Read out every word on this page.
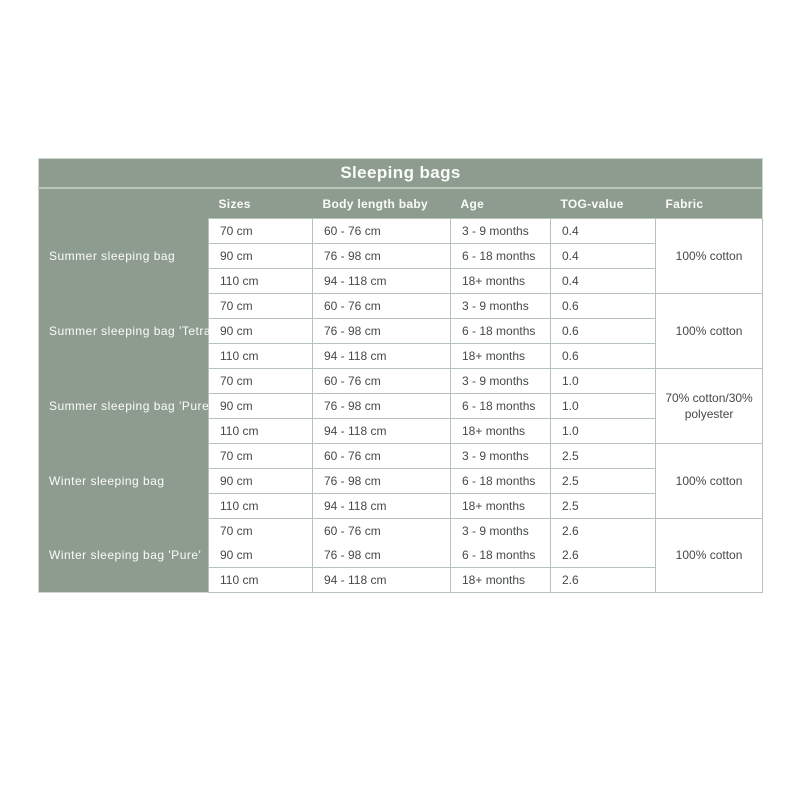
Sleeping bags					
	Sizes	Body length baby	Age	TOG-value	Fabric
Summer sleeping bag	70 cm	60 - 76 cm	3 - 9 months	0.4	100% cotton
	90 cm	76 - 98 cm	6 - 18 months	0.4	
	110 cm	94 - 118 cm	18+ months	0.4	
Summer sleeping bag 'Tetra'	70 cm	60 - 76 cm	3 - 9 months	0.6	100% cotton
	90 cm	76 - 98 cm	6 - 18 months	0.6	
	110 cm	94 - 118 cm	18+ months	0.6	
Summer sleeping bag 'Pure'	70 cm	60 - 76 cm	3 - 9 months	1.0	70% cotton/30% polyester
	90 cm	76 - 98 cm	6 - 18 months	1.0	
	110 cm	94 - 118 cm	18+ months	1.0	
Winter sleeping bag	70 cm	60 - 76 cm	3 - 9 months	2.5	100% cotton
	90 cm	76 - 98 cm	6 - 18 months	2.5	
	110 cm	94 - 118 cm	18+ months	2.5	
Winter sleeping bag 'Pure'	70 cm	60 - 76 cm	3 - 9 months	2.6	100% cotton
	90 cm	76 - 98 cm	6 - 18 months	2.6	
	110 cm	94 - 118 cm	18+ months	2.6	
